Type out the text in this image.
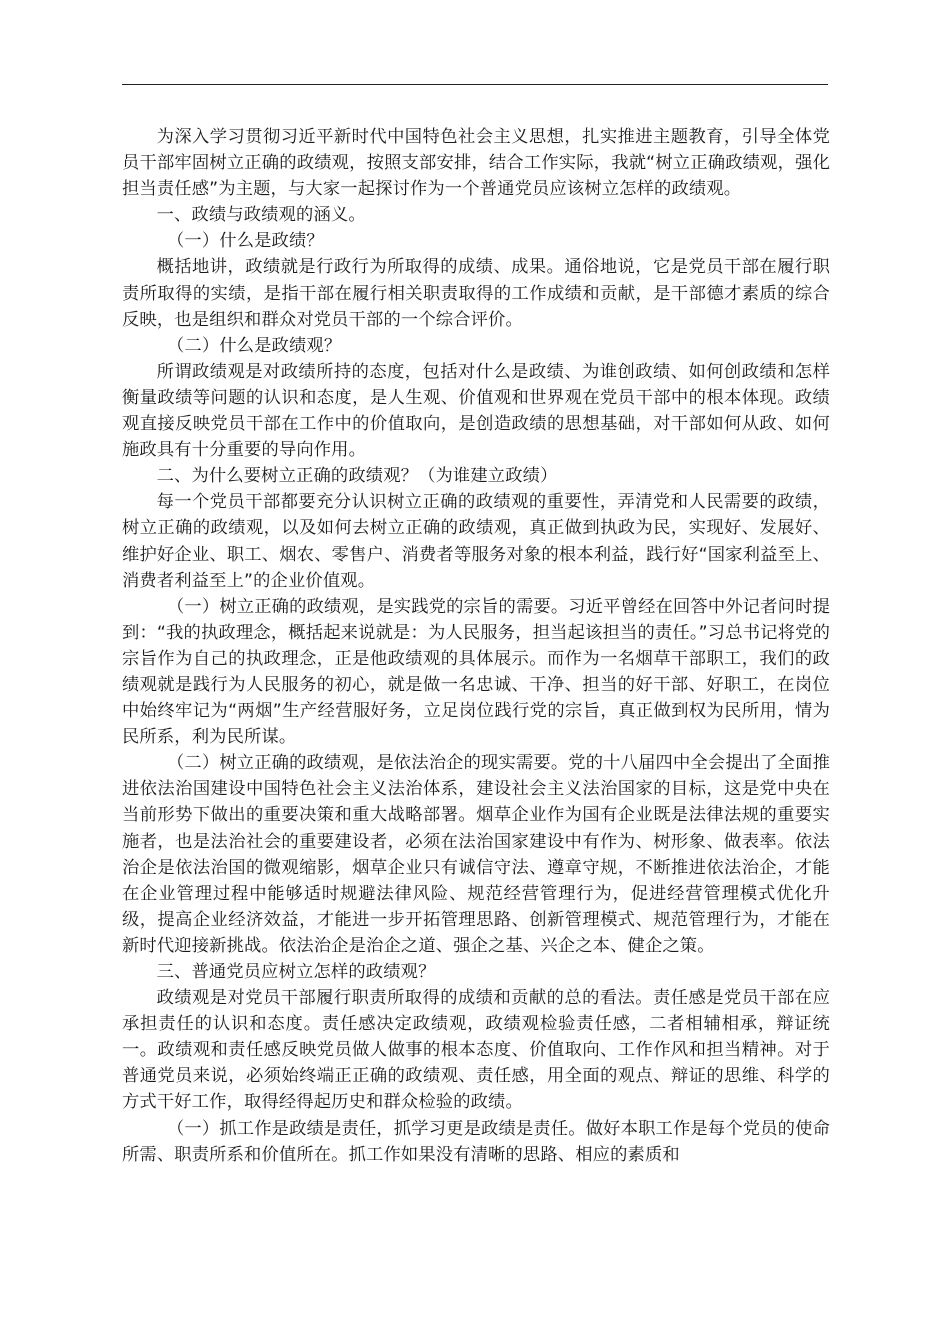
为深入学习贯彻习近平新时代中国特色社会主义思想，扎实推进主题教育，引导全体党员干部牢固树立正确的政绩观，按照支部安排，结合工作实际，我就“树立正确政绩观，强化担当责任感”为主题，与大家一起探讨作为一个普通党员应该树立怎样的政绩观。

一、政绩与政绩观的涵义。

（一）什么是政绩？

概括地讲，政绩就是行政行为所取得的成绩、成果。通俗地说，它是党员干部在履行职责所取得的实绩，是指干部在履行相关职责取得的工作成绩和贡献，是干部德才素质的综合反映，也是组织和群众对党员干部的一个综合评价。

（二）什么是政绩观？

所谓政绩观是对政绩所持的态度，包括对什么是政绩、为谁创政绩、如何创政绩和怎样衡量政绩等问题的认识和态度，是人生观、价值观和世界观在党员干部中的根本体现。政绩观直接反映党员干部在工作中的价值取向，是创造政绩的思想基础，对干部如何从政、如何施政具有十分重要的导向作用。

二、为什么要树立正确的政绩观？（为谁建立政绩）

每一个党员干部都要充分认识树立正确的政绩观的重要性，弄清党和人民需要的政绩，树立正确的政绩观，以及如何去树立正确的政绩观，真正做到执政为民，实现好、发展好、维护好企业、职工、烟农、零售户、消费者等服务对象的根本利益，践行好“国家利益至上、消费者利益至上”的企业价值观。

（一）树立正确的政绩观，是实践党的宗旨的需要。习近平曾经在回答中外记者问时提到：“我的执政理念，概括起来说就是：为人民服务，担当起该担当的责任。”习总书记将党的宗旨作为自己的执政理念，正是他政绩观的具体展示。而作为一名烟草干部职工，我们的政绩观就是践行为人民服务的初心，就是做一名忠诚、干净、担当的好干部、好职工，在岗位中始终牢记为“两烟”生产经营服好务，立足岗位践行党的宗旨，真正做到权为民所用，情为民所系，利为民所谋。

（二）树立正确的政绩观，是依法治企的现实需要。党的十八届四中全会提出了全面推进依法治国建设中国特色社会主义法治体系，建设社会主义法治国家的目标，这是党中央在当前形势下做出的重要决策和重大战略部署。烟草企业作为国有企业既是法律法规的重要实施者，也是法治社会的重要建设者，必须在法治国家建设中有作为、树形象、做表率。依法治企是依法治国的微观缩影，烟草企业只有诚信守法、遵章守规，不断推进依法治企，才能在企业管理过程中能够适时规避法律风险、规范经营管理行为，促进经营管理模式优化升级，提高企业经济效益，才能进一步开拓管理思路、创新管理模式、规范管理行为，才能在新时代迎接新挑战。依法治企是治企之道、强企之基、兴企之本、健企之策。

三、普通党员应树立怎样的政绩观？

政绩观是对党员干部履行职责所取得的成绩和贡献的总的看法。责任感是党员干部在应承担责任的认识和态度。责任感决定政绩观，政绩观检验责任感，二者相辅相承，辩证统一。政绩观和责任感反映党员做人做事的根本态度、价值取向、工作作风和担当精神。对于普通党员来说，必须始终端正正确的政绩观、责任感，用全面的观点、辩证的思维、科学的方式干好工作，取得经得起历史和群众检验的政绩。

（一）抓工作是政绩是责任，抓学习更是政绩是责任。做好本职工作是每个党员的使命所需、职责所系和价值所在。抓工作如果没有清晰的思路、相应的素质和
